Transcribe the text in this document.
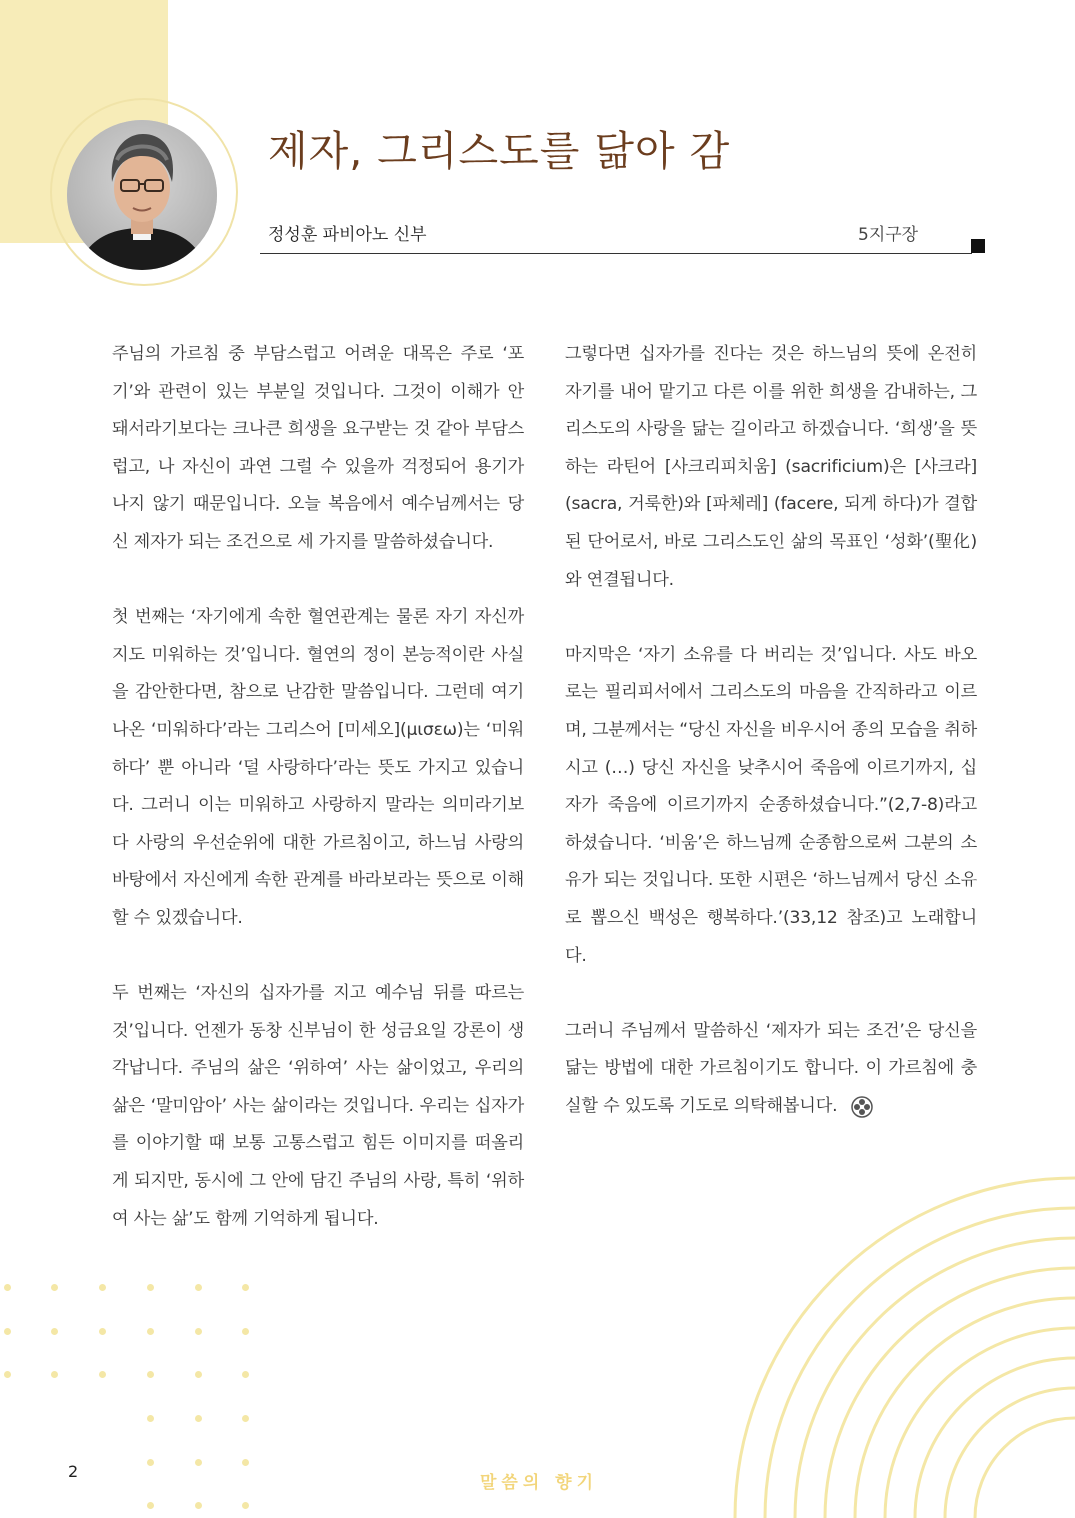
제자, 그리스도를 닮아 감
정성훈 파비아노 신부	5지구장

주님의 가르침 중 부담스럽고 어려운 대목은 주로 ‘포기’와 관련이 있는 부분일 것입니다. 그것이 이해가 안 돼서라기보다는 크나큰 희생을 요구받는 것 같아 부담스럽고, 나 자신이 과연 그럴 수 있을까 걱정되어 용기가 나지 않기 때문입니다. 오늘 복음에서 예수님께서는 당신 제자가 되는 조건으로 세 가지를 말씀하셨습니다.

첫 번째는 ‘자기에게 속한 혈연관계는 물론 자기 자신까지도 미워하는 것’입니다. 혈연의 정이 본능적이란 사실을 감안한다면, 참으로 난감한 말씀입니다. 그런데 여기 나온 ‘미워하다’라는 그리스어 [미세오](μισεω)는 ‘미워하다’ 뿐 아니라 ‘덜 사랑하다’라는 뜻도 가지고 있습니다. 그러니 이는 미워하고 사랑하지 말라는 의미라기보다 사랑의 우선순위에 대한 가르침이고, 하느님 사랑의 바탕에서 자신에게 속한 관계를 바라보라는 뜻으로 이해할 수 있겠습니다.

두 번째는 ‘자신의 십자가를 지고 예수님 뒤를 따르는 것’입니다. 언젠가 동창 신부님이 한 성금요일 강론이 생각납니다. 주님의 삶은 ‘위하여’ 사는 삶이었고, 우리의 삶은 ‘말미암아’ 사는 삶이라는 것입니다. 우리는 십자가를 이야기할 때 보통 고통스럽고 힘든 이미지를 떠올리게 되지만, 동시에 그 안에 담긴 주님의 사랑, 특히 ‘위하여 사는 삶’도 함께 기억하게 됩니다.

그렇다면 십자가를 진다는 것은 하느님의 뜻에 온전히 자기를 내어 맡기고 다른 이를 위한 희생을 감내하는, 그리스도의 사랑을 닮는 길이라고 하겠습니다. ‘희생’을 뜻하는 라틴어 [사크리피치움] (sacrificium)은 [사크라] (sacra, 거룩한)와 [파체레] (facere, 되게 하다)가 결합된 단어로서, 바로 그리스도인 삶의 목표인 ‘성화’(聖化)와 연결됩니다.

마지막은 ‘자기 소유를 다 버리는 것’입니다. 사도 바오로는 필리피서에서 그리스도의 마음을 간직하라고 이르며, 그분께서는 “당신 자신을 비우시어 종의 모습을 취하시고 (…) 당신 자신을 낮추시어 죽음에 이르기까지, 십자가 죽음에 이르기까지 순종하셨습니다.”(2,7-8)라고 하셨습니다. ‘비움’은 하느님께 순종함으로써 그분의 소유가 되는 것입니다. 또한 시편은 ‘하느님께서 당신 소유로 뽑으신 백성은 행복하다.’(33,12 참조)고 노래합니다.

그러니 주님께서 말씀하신 ‘제자가 되는 조건’은 당신을 닮는 방법에 대한 가르침이기도 합니다. 이 가르침에 충실할 수 있도록 기도로 의탁해봅니다.

2
말씀의 향기
